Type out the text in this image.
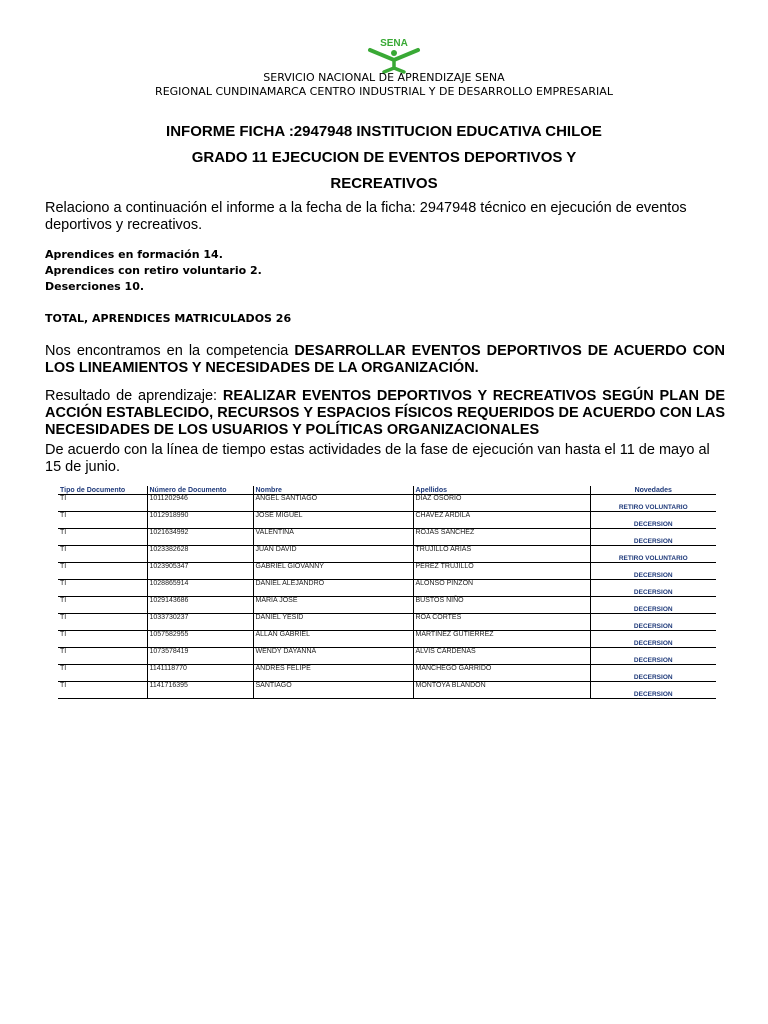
SENA
SERVICIO NACIONAL DE APRENDIZAJE SENA
REGIONAL CUNDINAMARCA CENTRO INDUSTRIAL Y DE DESARROLLO EMPRESARIAL
INFORME FICHA :2947948 INSTITUCION EDUCATIVA CHILOE
GRADO 11 EJECUCION DE EVENTOS DEPORTIVOS Y
RECREATIVOS
Relaciono a continuación el informe a la fecha de la ficha: 2947948 técnico en ejecución de eventos deportivos y recreativos.
Aprendices en formación 14.
Aprendices con retiro voluntario 2.
Deserciones 10.
TOTAL, APRENDICES MATRICULADOS 26
Nos encontramos en la competencia DESARROLLAR EVENTOS DEPORTIVOS DE ACUERDO CON LOS LINEAMIENTOS Y NECESIDADES DE LA ORGANIZACIÓN.
Resultado de aprendizaje: REALIZAR EVENTOS DEPORTIVOS Y RECREATIVOS SEGÚN PLAN DE ACCIÓN ESTABLECIDO, RECURSOS Y ESPACIOS FÍSICOS REQUERIDOS DE ACUERDO CON LAS NECESIDADES DE LOS USUARIOS Y POLÍTICAS ORGANIZACIONALES
De acuerdo con la línea de tiempo estas actividades de la fase de ejecución van hasta el 11 de mayo al 15 de junio.
Tipo de Documento	Número de Documento	Nombre	Apellidos	Novedades
TI	1011202946	ANGEL SANTIAGO	DIAZ OSORIO	RETIRO VOLUNTARIO
TI	1012918990	JOSE MIGUEL	CHAVEZ ARDILA	DECERSION
TI	1021634992	VALENTINA	ROJAS SANCHEZ	DECERSION
TI	1023382628	JUAN DAVID	TRUJILLO ARIAS	RETIRO VOLUNTARIO
TI	1023905347	GABRIEL GIOVANNY	PEREZ TRUJILLO	DECERSION
TI	1028865914	DANIEL ALEJANDRO	ALONSO PINZON	DECERSION
TI	1029143686	MARIA JOSE	BUSTOS NIÑO	DECERSION
TI	1033730237	DANIEL YESID	ROA CORTES	DECERSION
TI	1057582955	ALLAN GABRIEL	MARTINEZ GUTIERREZ	DECERSION
TI	1073578419	WENDY DAYANNA	ALVIS CARDENAS	DECERSION
TI	1141118770	ANDRES FELIPE	MANCHEGO GARRIDO	DECERSION
TI	1141716395	SANTIAGO	MONTOYA BLANDON	DECERSION
